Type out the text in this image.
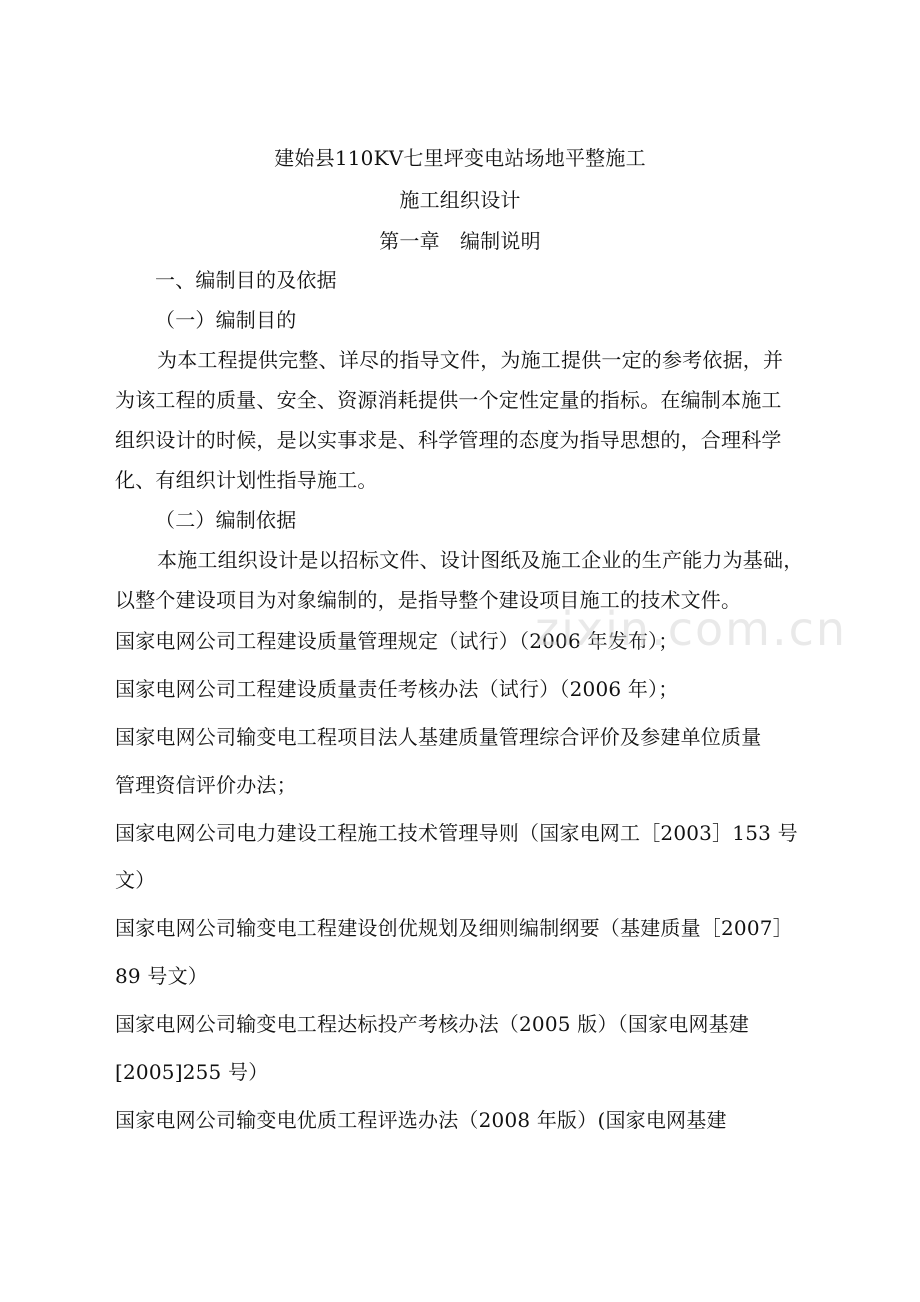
建始县110KV七里坪变电站场地平整施工
施工组织设计
第一章　编制说明
一、编制目的及依据
（一）编制目的
为本工程提供完整、详尽的指导文件，为施工提供一定的参考依据，并
为该工程的质量、安全、资源消耗提供一个定性定量的指标。在编制本施工
组织设计的时候，是以实事求是、科学管理的态度为指导思想的，合理科学
化、有组织计划性指导施工。
（二）编制依据
本施工组织设计是以招标文件、设计图纸及施工企业的生产能力为基础，
以整个建设项目为对象编制的，是指导整个建设项目施工的技术文件。
国家电网公司工程建设质量管理规定（试行）（2006 年发布）；
国家电网公司工程建设质量责任考核办法（试行）（2006 年）；
国家电网公司输变电工程项目法人基建质量管理综合评价及参建单位质量
管理资信评价办法；
国家电网公司电力建设工程施工技术管理导则（国家电网工［2003］153 号
文）
国家电网公司输变电工程建设创优规划及细则编制纲要（基建质量［2007］
89 号文）
国家电网公司输变电工程达标投产考核办法（2005 版）（国家电网基建
[2005]255 号）
国家电网公司输变电优质工程评选办法（2008 年版）(国家电网基建
zixin.com.cn
